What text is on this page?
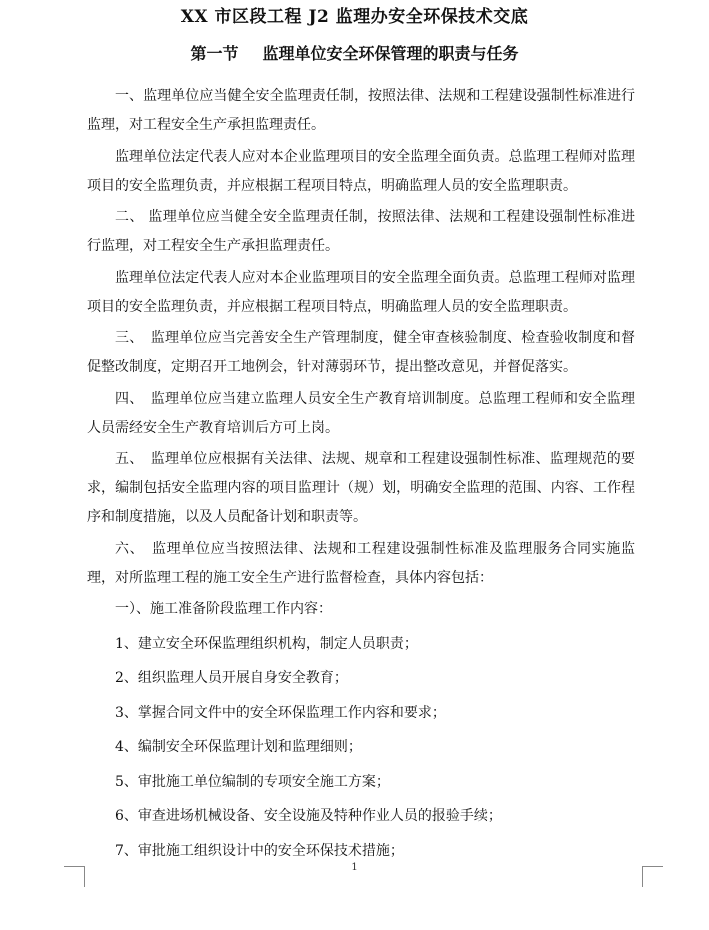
XX 市区段工程 J2 监理办安全环保技术交底
第一节 监理单位安全环保管理的职责与任务

一、监理单位应当健全安全监理责任制，按照法律、法规和工程建设强制性标准进行监理，对工程安全生产承担监理责任。

监理单位法定代表人应对本企业监理项目的安全监理全面负责。总监理工程师对监理项目的安全监理负责，并应根据工程项目特点，明确监理人员的安全监理职责。

二、 监理单位应当健全安全监理责任制，按照法律、法规和工程建设强制性标准进行监理，对工程安全生产承担监理责任。

监理单位法定代表人应对本企业监理项目的安全监理全面负责。总监理工程师对监理项目的安全监理负责，并应根据工程项目特点，明确监理人员的安全监理职责。

三、　监理单位应当完善安全生产管理制度，健全审查核验制度、检查验收制度和督促整改制度，定期召开工地例会，针对薄弱环节，提出整改意见，并督促落实。

四、　监理单位应当建立监理人员安全生产教育培训制度。总监理工程师和安全监理人员需经安全生产教育培训后方可上岗。

五、　监理单位应根据有关法律、法规、规章和工程建设强制性标准、监理规范的要求，编制包括安全监理内容的项目监理计（规）划，明确安全监理的范围、内容、工作程序和制度措施，以及人员配备计划和职责等。

六、　监理单位应当按照法律、法规和工程建设强制性标准及监理服务合同实施监理，对所监理工程的施工安全生产进行监督检查，具体内容包括：

一）、施工准备阶段监理工作内容：

1、建立安全环保监理组织机构，制定人员职责；

2、组织监理人员开展自身安全教育；

3、掌握合同文件中的安全环保监理工作内容和要求；

4、编制安全环保监理计划和监理细则；

5、审批施工单位编制的专项安全施工方案；

6、审查进场机械设备、安全设施及特种作业人员的报验手续；

7、审批施工组织设计中的安全环保技术措施；

1
